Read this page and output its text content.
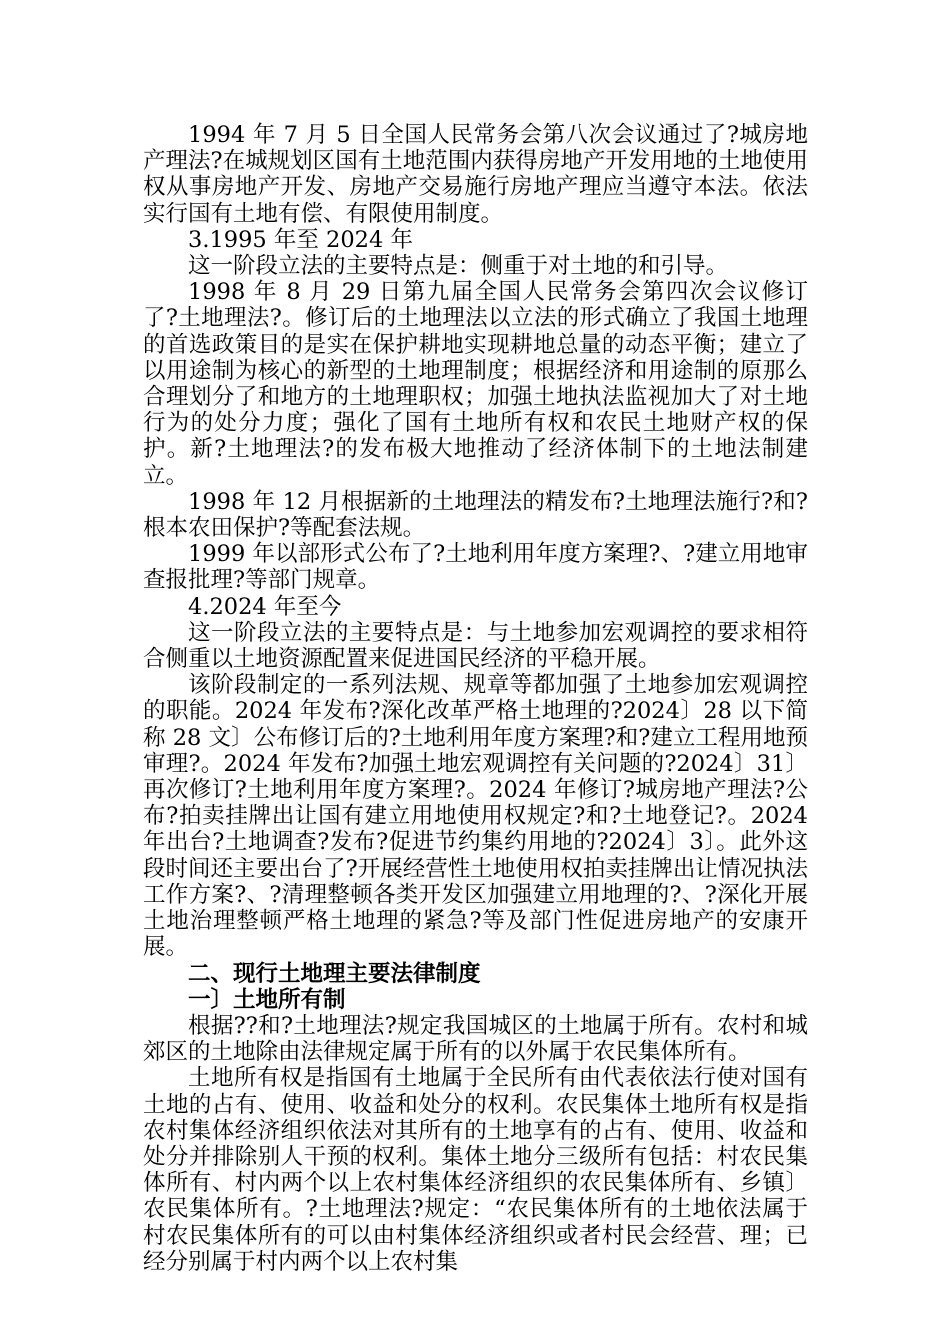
1994 年 7 月 5 日全国人民常务会第八次会议通过了?城房地产理法?在城规划区国有土地范围内获得房地产开发用地的土地使用权从事房地产开发、房地产交易施行房地产理应当遵守本法。依法实行国有土地有偿、有限使用制度。

3.1995 年至 2024 年

这一阶段立法的主要特点是：侧重于对土地的和引导。

1998 年 8 月 29 日第九届全国人民常务会第四次会议修订了?土地理法?。修订后的土地理法以立法的形式确立了我国土地理的首选政策目的是实在保护耕地实现耕地总量的动态平衡；建立了以用途制为核心的新型的土地理制度；根据经济和用途制的原那么合理划分了和地方的土地理职权；加强土地执法监视加大了对土地行为的处分力度；强化了国有土地所有权和农民土地财产权的保护。新?土地理法?的发布极大地推动了经济体制下的土地法制建立。

1998 年 12 月根据新的土地理法的精发布?土地理法施行?和?根本农田保护?等配套法规。

1999 年以部形式公布了?土地利用年度方案理?、?建立用地审查报批理?等部门规章。

4.2024 年至今

这一阶段立法的主要特点是：与土地参加宏观调控的要求相符合侧重以土地资源配置来促进国民经济的平稳开展。

该阶段制定的一系列法规、规章等都加强了土地参加宏观调控的职能。2024 年发布?深化改革严格土地理的?2024〕28 以下简称 28 文〕公布修订后的?土地利用年度方案理?和?建立工程用地预审理?。2024 年发布?加强土地宏观调控有关问题的?2024〕31〕再次修订?土地利用年度方案理?。2024 年修订?城房地产理法?公布?拍卖挂牌出让国有建立用地使用权规定?和?土地登记?。2024 年出台?土地调查?发布?促进节约集约用地的?2024〕3〕。此外这段时间还主要出台了?开展经营性土地使用权拍卖挂牌出让情况执法工作方案?、?清理整顿各类开发区加强建立用地理的?、?深化开展土地治理整顿严格土地理的紧急?等及部门性促进房地产的安康开展。

二、现行土地理主要法律制度

一〕土地所有制

根据??和?土地理法?规定我国城区的土地属于所有。农村和城郊区的土地除由法律规定属于所有的以外属于农民集体所有。

土地所有权是指国有土地属于全民所有由代表依法行使对国有土地的占有、使用、收益和处分的权利。农民集体土地所有权是指农村集体经济组织依法对其所有的土地享有的占有、使用、收益和处分并排除别人干预的权利。集体土地分三级所有包括：村农民集体所有、村内两个以上农村集体经济组织的农民集体所有、乡镇〕农民集体所有。?土地理法?规定：“农民集体所有的土地依法属于村农民集体所有的可以由村集体经济组织或者村民会经营、理；已经分别属于村内两个以上农村集
